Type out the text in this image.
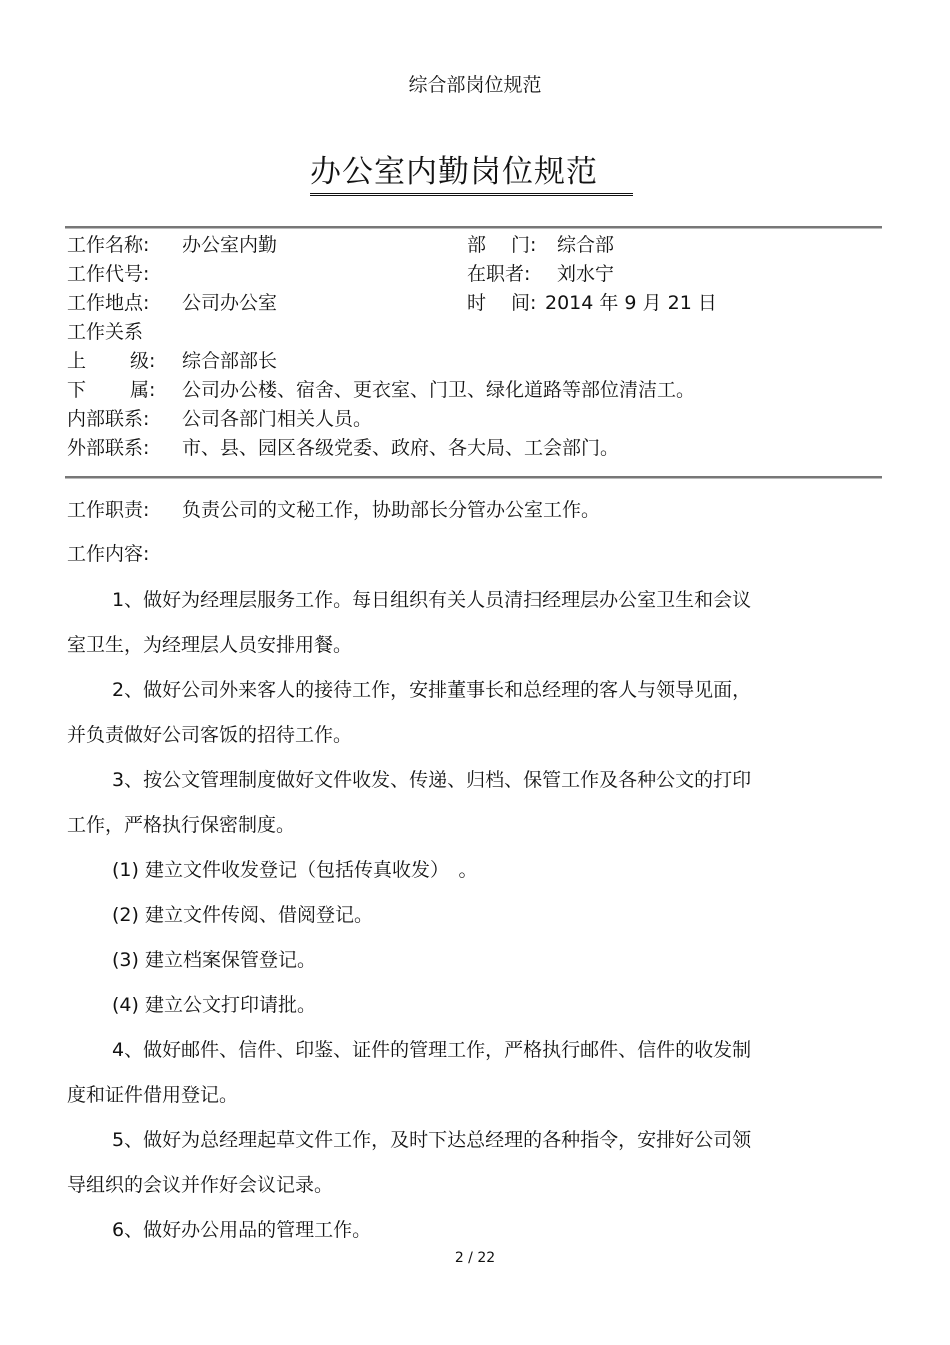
综合部岗位规范
办公室内勤岗位规范
工作名称: 办公室内勤	部　 门: 综合部
工作代号:	在职者: 刘水宁
工作地点: 公司办公室	时　 间: 2014 年 9 月 21 日
工作关系
上　　 级: 综合部部长
下　　 属: 公司办公楼、宿舍、更衣室、门卫、绿化道路等部位清洁工。
内部联系: 公司各部门相关人员。
外部联系: 市、县、园区各级党委、政府、各大局、工会部门。
工作职责: 负责公司的文秘工作，协助部长分管办公室工作。
工作内容:
1、做好为经理层服务工作。每日组织有关人员清扫经理层办公室卫生和会议
室卫生，为经理层人员安排用餐。
2、做好公司外来客人的接待工作，安排董事长和总经理的客人与领导见面，
并负责做好公司客饭的招待工作。
3、按公文管理制度做好文件收发、传递、归档、保管工作及各种公文的打印
工作，严格执行保密制度。
(1) 建立文件收发登记（包括传真收发）　。
(2) 建立文件传阅、借阅登记。
(3) 建立档案保管登记。
(4) 建立公文打印请批。
4、做好邮件、信件、印鉴、证件的管理工作，严格执行邮件、信件的收发制
度和证件借用登记。
5、做好为总经理起草文件工作，及时下达总经理的各种指令，安排好公司领
导组织的会议并作好会议记录。
6、做好办公用品的管理工作。
2 / 22
